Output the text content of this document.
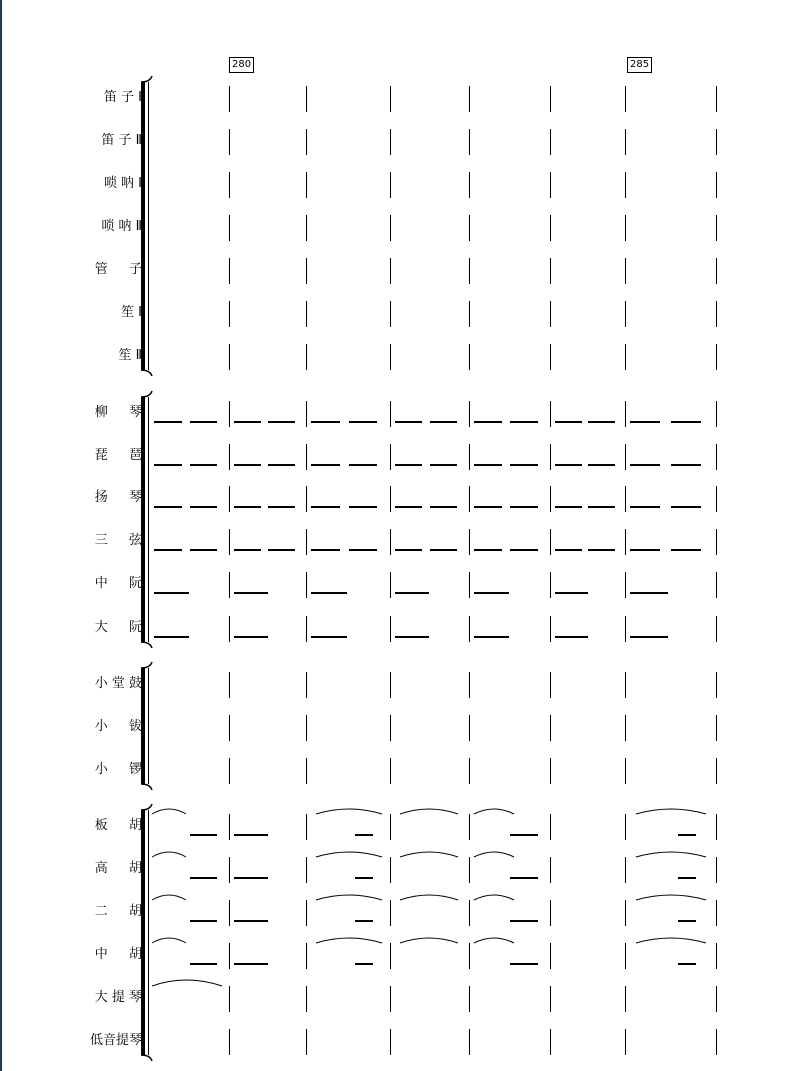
280	285
笛 子 Ⅰ
笛 子 Ⅱ
唢 呐 Ⅰ
唢 呐 Ⅱ
管 　 子
笙 Ⅰ
笙 Ⅱ
柳 　 琴
琵 　 琶
扬 　 琴
三 　 弦
中 　 阮
大 　 阮
小 堂 鼓
小 　 钹
小 　 锣
板 　 胡
高 　 胡
二 　 胡
中 　 胡
大 提 琴
低音提琴
